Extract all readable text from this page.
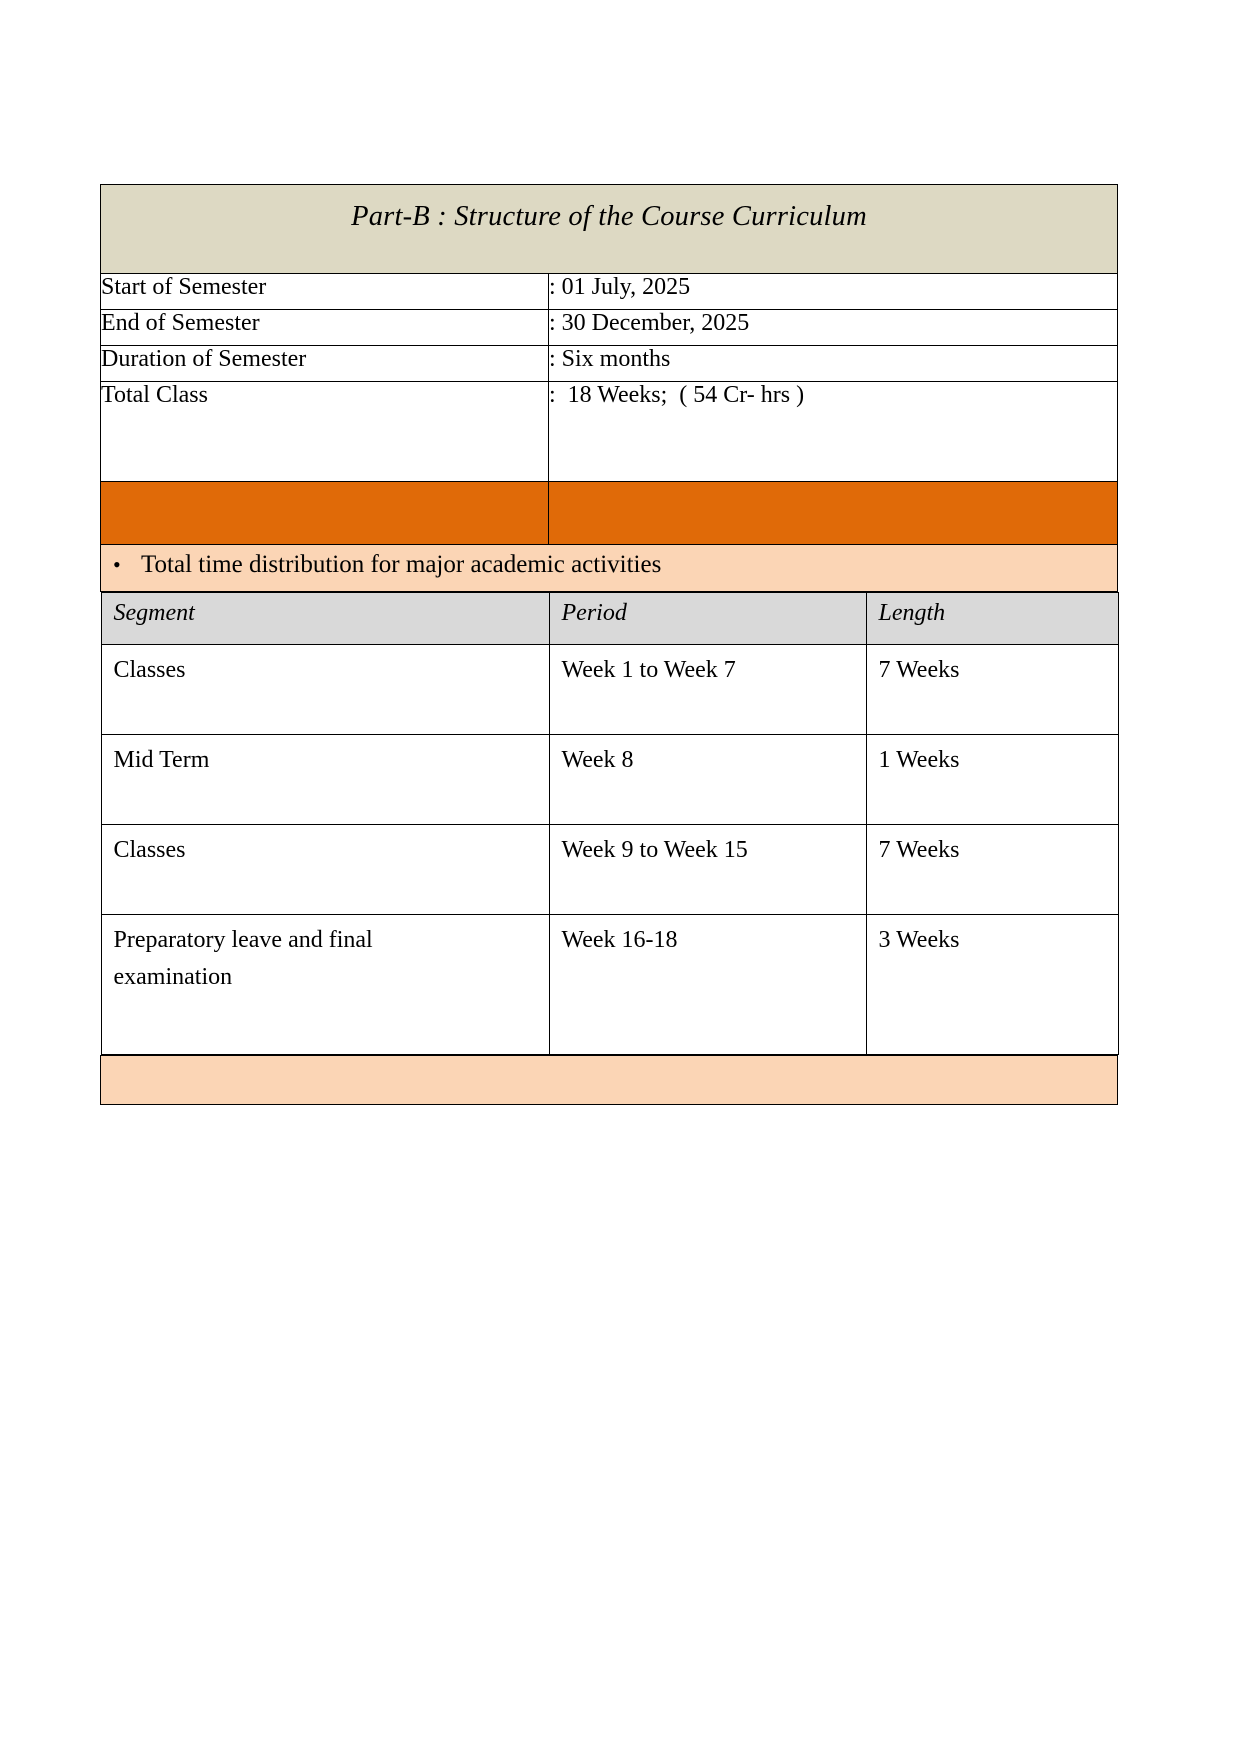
Part-B : Structure of the Course Curriculum

Start of Semester	: 01 July, 2025
End of Semester	: 30 December, 2025
Duration of Semester	: Six months
Total Class	:  18 Weeks;  ( 54 Cr- hrs )

• Total time distribution for major academic activities

Segment	Period	Length
Classes	Week 1 to Week 7	7 Weeks
Mid Term	Week 8	1 Weeks
Classes	Week 9 to Week 15	7 Weeks
Preparatory leave and final examination	Week 16-18	3 Weeks
